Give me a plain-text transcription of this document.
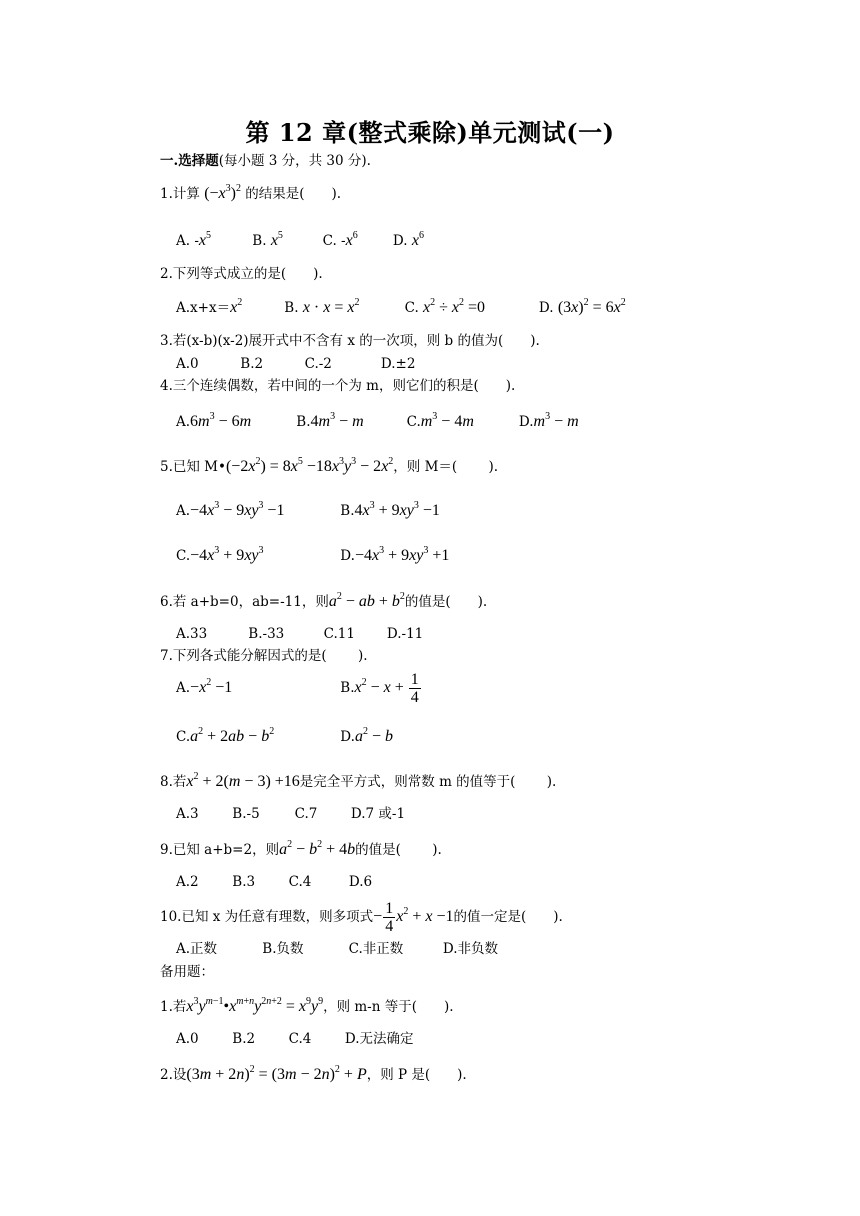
第 12 章(整式乘除)单元测试(一)
一.选择题(每小题 3 分，共 30 分).
1.计算 $(-x^3)^2$ 的结果是(　　).
A. $-x^5$	B. $x^5$	C. $-x^6$	D. $x^6$
2.下列等式成立的是(　　).
$A.x+x=x^2$	B. $x \cdot x = x^2$	C. $x^2 \div x^2 =0$	D. $(3x)^2 = 6x^2$
3.若(x-b)(x-2)展开式中不含有 x 的一次项，则 b 的值为(　　).
A.0	B.2	C.-2	D.±2
4.三个连续偶数，若中间的一个为 m，则它们的积是(　　).
$A.6m^3 - 6m$	$B.4m^3 - m$	$C.m^3 - 4m$	$D.m^3 - m$
5.已知 $M•(-2x^2) = 8x^5 -18x^3y^3 - 2x^2$，则 M＝(　　 ).
$A.-4x^3 - 9xy^3 -1$	$B.4x^3 + 9xy^3 -1$
$C.-4x^3 + 9xy^3$	$D.-4x^3 + 9xy^3 +1$
6.若 a+b=0，ab=-11，则$a^2$ − ab + $b^2$的值是(　　).
A.33	B.-33	C.11 D.-11
7.下列各式能分解因式的是(　　 ).
$A.-x^2 -1$	$B.x^2 - x + \frac{1}{4}$
$C.a^2 + 2ab - b^2$	$D.a^2 - b$
8.若$x^2 + 2(m - 3) +16$是完全平方式，则常数 m 的值等于(　　 ).
A.3 B.-5	C.7 D.7 或-1
9.已知 a+b=2，则$a^2 - b^2 + 4b$的值是(　　 ).
A.2 B.3 C.4	D.6
10.已知 x 为任意有理数，则多项式− $\frac{1}{4} x^2 + x -1$的值一定是(　　).
A.正数	B.负数	C.非正数	D.非负数
备用题：
1.若$x^3y^{m-1}•x^{m+n}y^{2n+2} = x^9y^9$，则 m-n 等于(　　).
A.0 B.2 C.4 D.无法确定
2.设$(3m + 2n)^2 = (3m - 2n)^2 + P$，则 P 是(　　).
